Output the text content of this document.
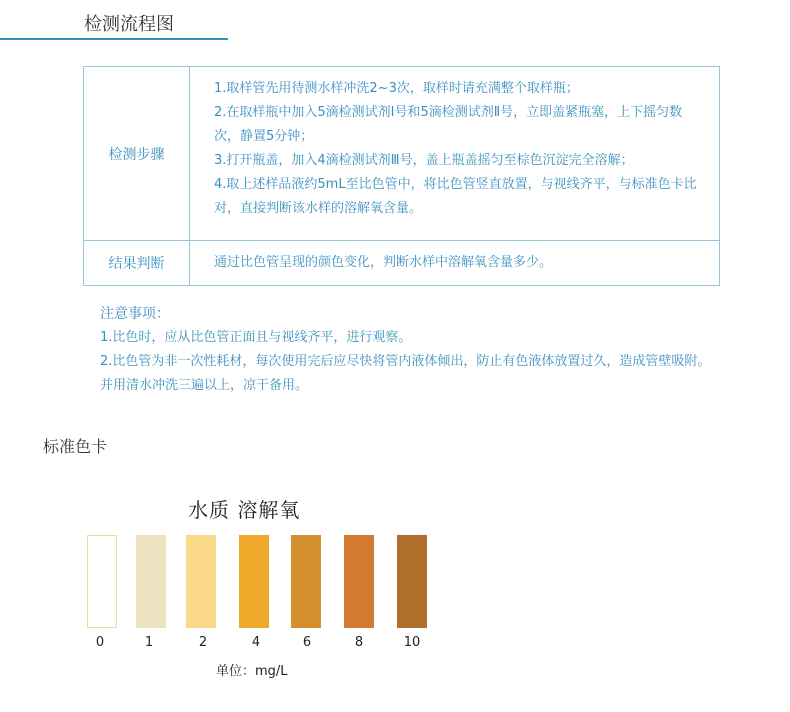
检测流程图
检测步骤
1.取样管先用待测水样冲洗2~3次，取样时请充满整个取样瓶；
2.在取样瓶中加入5滴检测试剂Ⅰ号和5滴检测试剂Ⅱ号，立即盖紧瓶塞，上下摇匀数次，静置5分钟；
3.打开瓶盖，加入4滴检测试剂Ⅲ号，盖上瓶盖摇匀至棕色沉淀完全溶解；
4.取上述样品液约5mL至比色管中，将比色管竖直放置，与视线齐平，与标准色卡比对，直接判断该水样的溶解氧含量。
结果判断	通过比色管呈现的颜色变化，判断水样中溶解氧含量多少。
注意事项：
1.比色时，应从比色管正面且与视线齐平，进行观察。
2.比色管为非一次性耗材，每次使用完后应尽快将管内液体倾出，防止有色液体放置过久，造成管壁吸附。并用清水冲洗三遍以上，凉干备用。
标准色卡
水质 溶解氧
0	1	2	4	6	8	10
单位：mg/L
